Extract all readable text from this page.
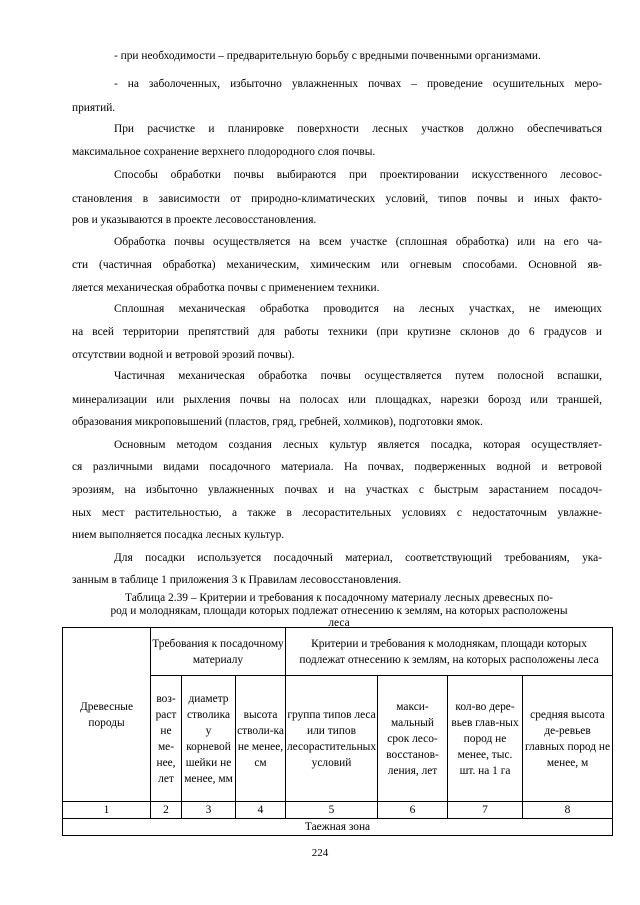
- при необходимости – предварительную борьбу с вредными почвенными организмами.
- на заболоченных, избыточно увлажненных почвах – проведение осушительных меро-
приятий.
При расчистке и планировке поверхности лесных участков должно обеспечиваться
максимальное сохранение верхнего плодородного слоя почвы.
Способы обработки почвы выбираются при проектировании искусственного лесовос-
становления в зависимости от природно-климатических условий, типов почвы и иных факто-
ров и указываются в проекте лесовосстановления.
Обработка почвы осуществляется на всем участке (сплошная обработка) или на его ча-
сти (частичная обработка) механическим, химическим или огневым способами. Основной яв-
ляется механическая обработка почвы с применением техники.
Сплошная механическая обработка проводится на лесных участках, не имеющих
на всей территории препятствий для работы техники (при крутизне склонов до 6 градусов и
отсутствии водной и ветровой эрозий почвы).
Частичная механическая обработка почвы осуществляется путем полосной вспашки,
минерализации или рыхления почвы на полосах или площадках, нарезки борозд или траншей,
образования микроповышений (пластов, гряд, гребней, холмиков), подготовки ямок.
Основным методом создания лесных культур является посадка, которая осуществляет-
ся различными видами посадочного материала. На почвах, подверженных водной и ветровой
эрозиям, на избыточно увлажненных почвах и на участках с быстрым зарастанием посадоч-
ных мест растительностью, а также в лесорастительных условиях с недостаточным увлажне-
нием выполняется посадка лесных культур.
Для посадки используется посадочный материал, соответствующий требованиям, ука-
занным в таблице 1 приложения 3 к Правилам лесовосстановления.
Таблица 2.39 – Критерии и требования к посадочному материалу лесных древесных по-
род и молоднякам, площади которых подлежат отнесению к землям, на которых расположены
леса
Древесные породы	Требования к посадочному материалу			Критерии и требования к молоднякам, площади которых подлежат отнесению к землям, на которых расположены леса			
	воз-раст не ме-нее, лет	диаметр стволика у корневой шейки не менее, мм	высота стволи-ка не менее, см	группа типов леса или типов лесорастительных условий	макси-мальный срок лесо-восстанов-ления, лет	кол-во дере-вьев глав-ных пород не менее, тыс. шт. на 1 га	средняя высота де-ревьев главных пород не менее, м
1	2	3	4	5	6	7	8
Таежная зона							
224
